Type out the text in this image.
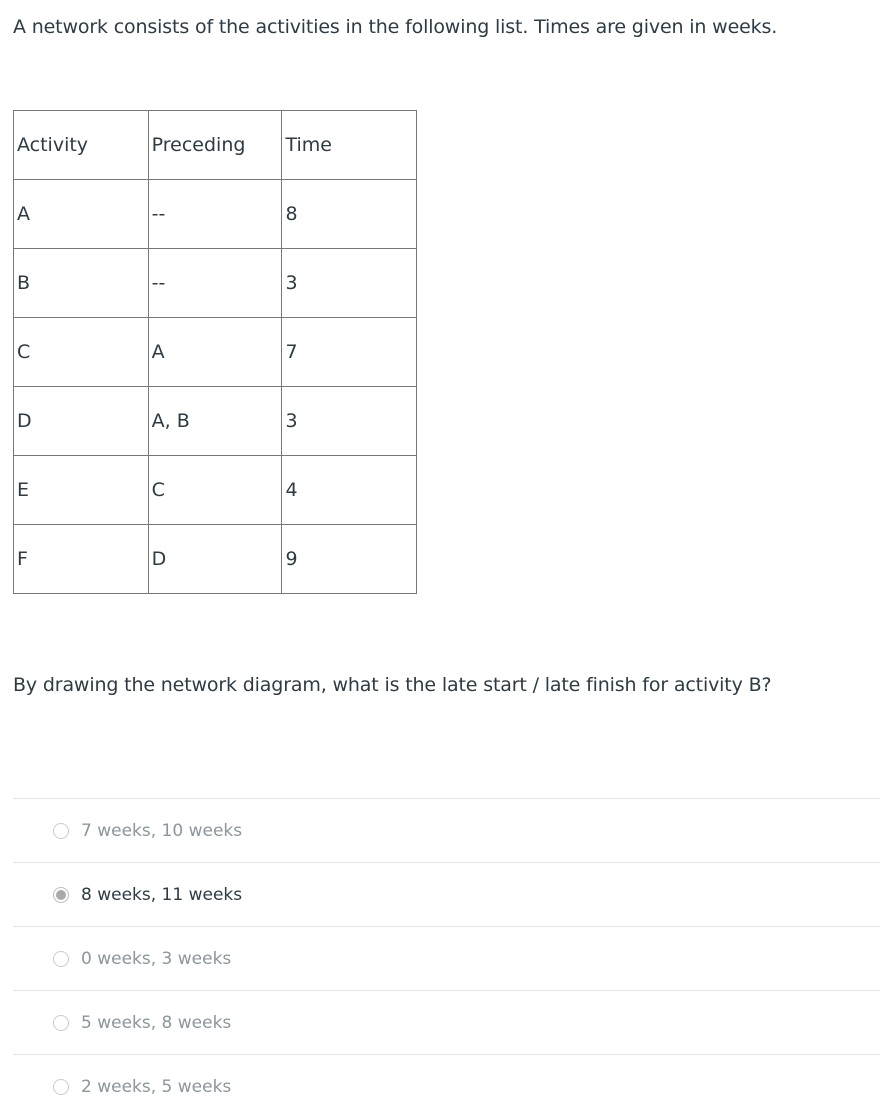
A network consists of the activities in the following list. Times are given in weeks.

Activity	Preceding	Time
A	--	8
B	--	3
C	A	7
D	A, B	3
E	C	4
F	D	9

By drawing the network diagram, what is the late start / late finish for activity B?

7 weeks, 10 weeks
8 weeks, 11 weeks
0 weeks, 3 weeks
5 weeks, 8 weeks
2 weeks, 5 weeks
